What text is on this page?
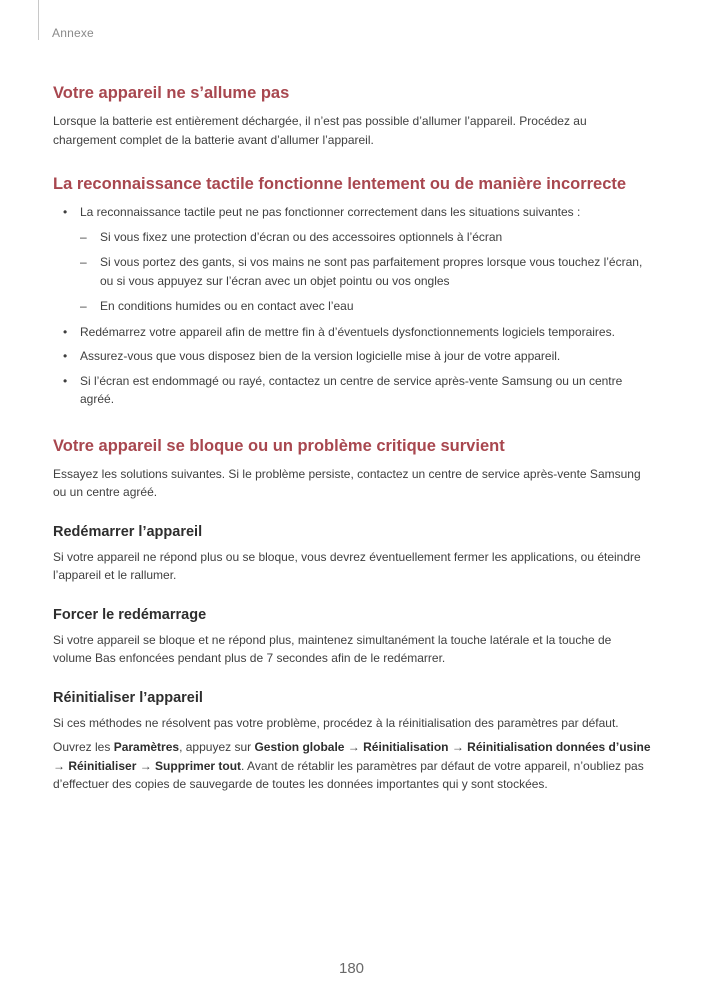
Annexe
Votre appareil ne s’allume pas

Lorsque la batterie est entièrement déchargée, il n’est pas possible d’allumer l’appareil. Procédez au chargement complet de la batterie avant d’allumer l’appareil.

La reconnaissance tactile fonctionne lentement ou de manière incorrecte
• La reconnaissance tactile peut ne pas fonctionner correctement dans les situations suivantes :
– Si vous fixez une protection d’écran ou des accessoires optionnels à l’écran
– Si vous portez des gants, si vos mains ne sont pas parfaitement propres lorsque vous touchez l’écran, ou si vous appuyez sur l’écran avec un objet pointu ou vos ongles
– En conditions humides ou en contact avec l’eau
• Redémarrez votre appareil afin de mettre fin à d’éventuels dysfonctionnements logiciels temporaires.
• Assurez-vous que vous disposez bien de la version logicielle mise à jour de votre appareil.
• Si l’écran est endommagé ou rayé, contactez un centre de service après-vente Samsung ou un centre agréé.
Votre appareil se bloque ou un problème critique survient

Essayez les solutions suivantes. Si le problème persiste, contactez un centre de service après-vente Samsung ou un centre agréé.

Redémarrer l’appareil

Si votre appareil ne répond plus ou se bloque, vous devrez éventuellement fermer les applications, ou éteindre l’appareil et le rallumer.

Forcer le redémarrage

Si votre appareil se bloque et ne répond plus, maintenez simultanément la touche latérale et la touche de volume Bas enfoncées pendant plus de 7 secondes afin de le redémarrer.

Réinitialiser l’appareil

Si ces méthodes ne résolvent pas votre problème, procédez à la réinitialisation des paramètres par défaut.

Ouvrez les Paramètres, appuyez sur Gestion globale → Réinitialisation → Réinitialisation données d’usine → Réinitialiser → Supprimer tout. Avant de rétablir les paramètres par défaut de votre appareil, n’oubliez pas d’effectuer des copies de sauvegarde de toutes les données importantes qui y sont stockées.

180
